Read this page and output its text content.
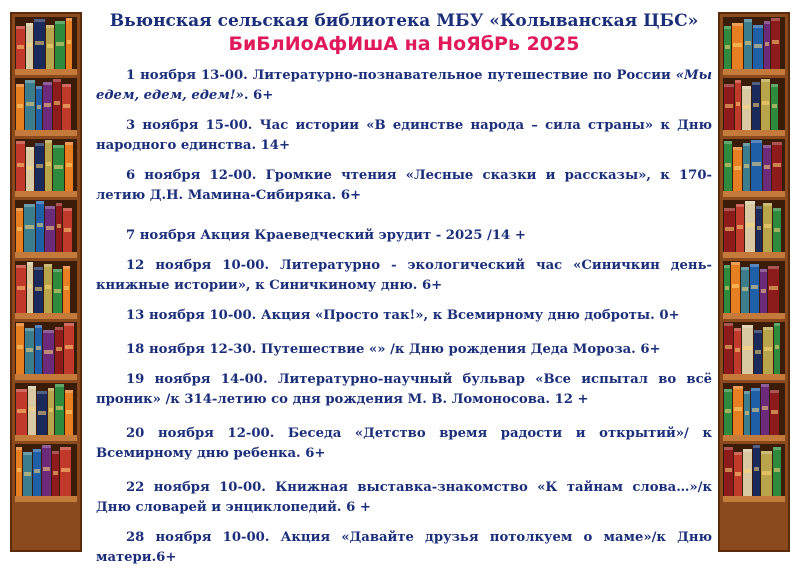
Вьюнская сельская библиотека МБУ «Колыванская ЦБС»

БиБлИоАфИшА на НоЯбРь 2025

1 ноября 13-00. Литературно-познавательное путешествие по России «Мы едем, едем, едем!». 6+

3 ноября 15-00. Час истории «В единстве народа – сила страны» к Дню народного единства. 14+

6 ноября 12-00. Громкие чтения «Лесные сказки и рассказы», к 170-летию Д.Н. Мамина-Сибиряка. 6+

7 ноября Акция Краеведческий эрудит - 2025 /14 +

12 ноября 10-00. Литературно - экологический час «Синичкин день- книжные истории», к Синичкиному дню. 6+

13 ноября 10-00. Акция «Просто так!», к Всемирному дню доброты. 0+

18 ноября 12-30. Путешествие «» /к Дню рождения Деда Мороза. 6+

19 ноября 14-00. Литературно-научный бульвар «Все испытал во всё проник» /к 314-летию со дня рождения М. В. Ломоносова. 12 +

20 ноября 12-00. Беседа «Детство время радости и открытий»/ к Всемирному дню ребенка. 6+

22 ноября 10-00. Книжная выставка-знакомство «К тайнам слова…»/к Дню словарей и энциклопедий. 6 +

28 ноября 10-00. Акция «Давайте друзья потолкуем о маме»/к Дню матери.6+
